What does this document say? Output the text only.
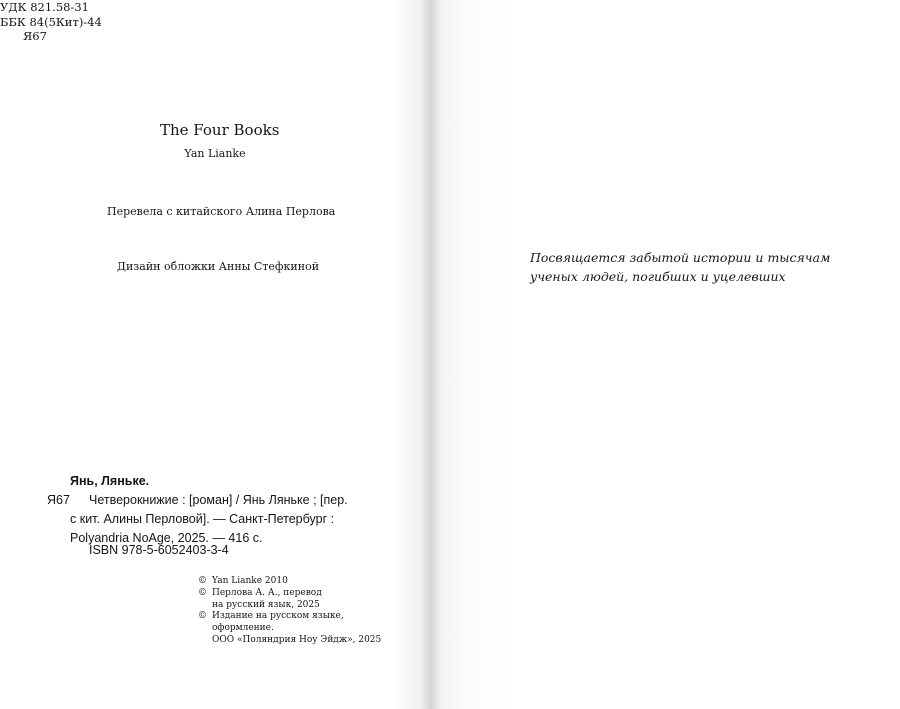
УДК 821.58-31
ББК 84(5Кит)-44
Я67
The Four Books
Yan Lianke
Перевела с китайского Алина Перлова
Дизайн обложки Анны Стефкиной
Янь, Ляньке.
Я67 Четверокнижие : [роман] / Янь Ляньке ; [пер.
с кит. Алины Перловой]. — Санкт-Петербург :
Polyandria NoAge, 2025. — 416 с.
ISBN 978-5-6052403-3-4
© Yan Lianke 2010
© Перлова А. А., перевод
на русский язык, 2025
© Издание на русском языке,
оформление.
ООО «Поляндрия Ноу Эйдж», 2025
Посвящается забытой истории и тысячам
ученых людей, погибших и уцелевших
